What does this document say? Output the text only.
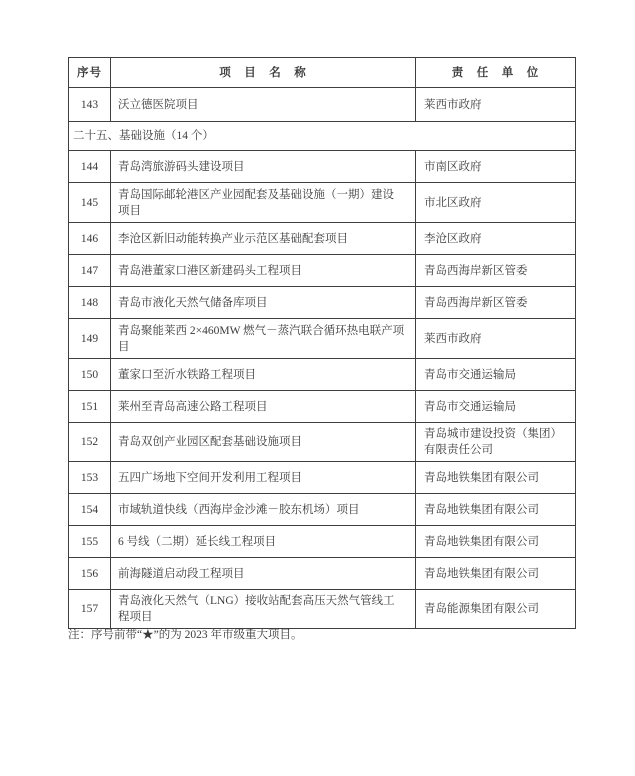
序号	项　目　名　称	责　任　单　位
143	沃立德医院项目	莱西市政府
二十五、基础设施（14 个）		
144	青岛湾旅游码头建设项目	市南区政府
145	青岛国际邮轮港区产业园配套及基础设施（一期）建设项目	市北区政府
146	李沧区新旧动能转换产业示范区基础配套项目	李沧区政府
147	青岛港董家口港区新建码头工程项目	青岛西海岸新区管委
148	青岛市液化天然气储备库项目	青岛西海岸新区管委
149	青岛聚能莱西 2×460MW 燃气－蒸汽联合循环热电联产项目	莱西市政府
150	董家口至沂水铁路工程项目	青岛市交通运输局
151	莱州至青岛高速公路工程项目	青岛市交通运输局
152	青岛双创产业园区配套基础设施项目	青岛城市建设投资（集团）有限责任公司
153	五四广场地下空间开发利用工程项目	青岛地铁集团有限公司
154	市域轨道快线（西海岸金沙滩－胶东机场）项目	青岛地铁集团有限公司
155	6 号线（二期）延长线工程项目	青岛地铁集团有限公司
156	前海隧道启动段工程项目	青岛地铁集团有限公司
157	青岛液化天然气（LNG）接收站配套高压天然气管线工程项目	青岛能源集团有限公司
注：序号前带“★”的为 2023 年市级重大项目。
